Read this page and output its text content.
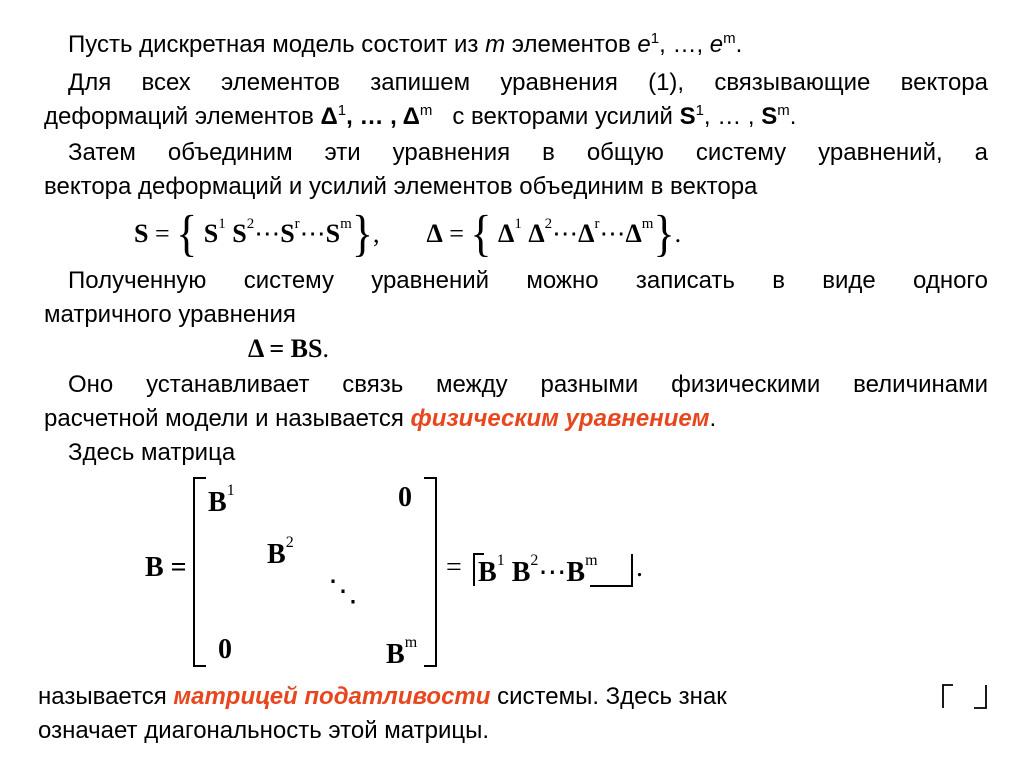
Пусть дискретная модель состоит из m элементов $e^1$, …, $e^m$.
Для всех элементов запишем уравнения (1), связывающие вектора
деформаций элементов $\Delta^1$, … , $\Delta^m$   с векторами усилий $S^1$, … , $S^m$.
Затем объединим эти уравнения в общую систему уравнений, а
вектора деформаций и усилий элементов объединим в вектора
S = { $S^1$ $S^2\cdots S^r\cdots S^m$}, Δ = { $\Delta^1$ $\Delta^2\cdots\Delta^r\cdots\Delta^m$}.
Полученную систему уравнений можно записать в виде одного
матричного уравнения
Δ = BS.
Оно устанавливает связь между разными физическими величинами
расчетной модели и называется физическим уравнением.
Здесь матрица
B =
$B^1$	0
$B^2$
⋱
0	$B^m$
= $B^1$ $B^2\cdots B^m$ .
называется матрицей податливости системы. Здесь знак
означает диагональность этой матрицы.
